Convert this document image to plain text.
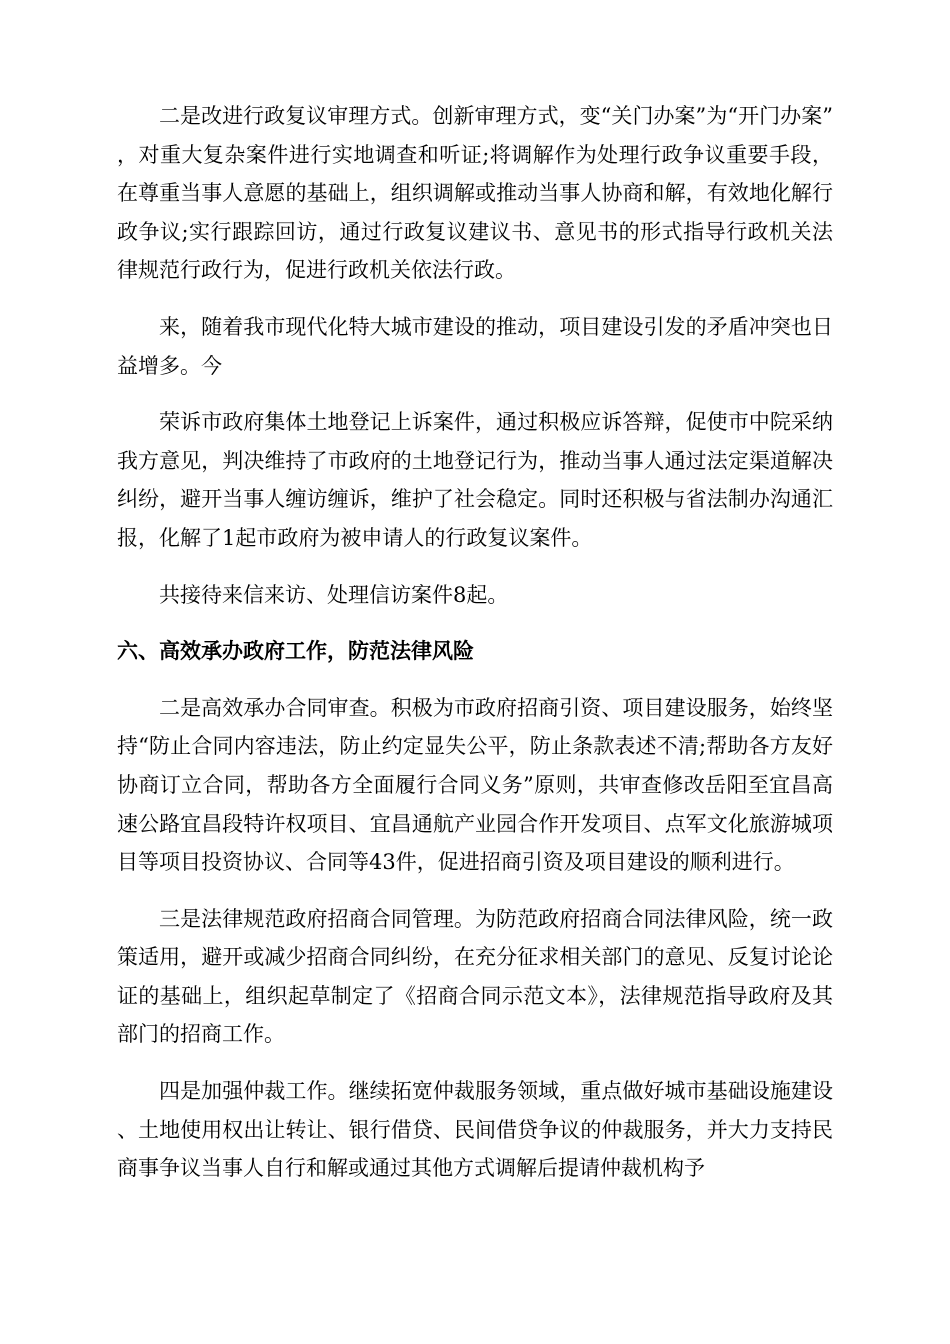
二是改进行政复议审理方式。创新审理方式，变“关门办案”为“开门办案”，对重大复杂案件进行实地调查和听证;将调解作为处理行政争议重要手段，在尊重当事人意愿的基础上，组织调解或推动当事人协商和解，有效地化解行政争议;实行跟踪回访，通过行政复议建议书、意见书的形式指导行政机关法律规范行政行为，促进行政机关依法行政。

来，随着我市现代化特大城市建设的推动，项目建设引发的矛盾冲突也日益增多。今

荣诉市政府集体土地登记上诉案件，通过积极应诉答辩，促使市中院采纳我方意见，判决维持了市政府的土地登记行为，推动当事人通过法定渠道解决纠纷，避开当事人缠访缠诉，维护了社会稳定。同时还积极与省法制办沟通汇报，化解了1起市政府为被申请人的行政复议案件。

共接待来信来访、处理信访案件8起。

六、高效承办政府工作，防范法律风险

二是高效承办合同审查。积极为市政府招商引资、项目建设服务，始终坚持“防止合同内容违法，防止约定显失公平，防止条款表述不清;帮助各方友好协商订立合同，帮助各方全面履行合同义务”原则，共审查修改岳阳至宜昌高速公路宜昌段特许权项目、宜昌通航产业园合作开发项目、点军文化旅游城项目等项目投资协议、合同等43件，促进招商引资及项目建设的顺利进行。

三是法律规范政府招商合同管理。为防范政府招商合同法律风险，统一政策适用，避开或减少招商合同纠纷，在充分征求相关部门的意见、反复讨论论证的基础上，组织起草制定了《招商合同示范文本》，法律规范指导政府及其部门的招商工作。

四是加强仲裁工作。继续拓宽仲裁服务领域，重点做好城市基础设施建设、土地使用权出让转让、银行借贷、民间借贷争议的仲裁服务，并大力支持民商事争议当事人自行和解或通过其他方式调解后提请仲裁机构予
